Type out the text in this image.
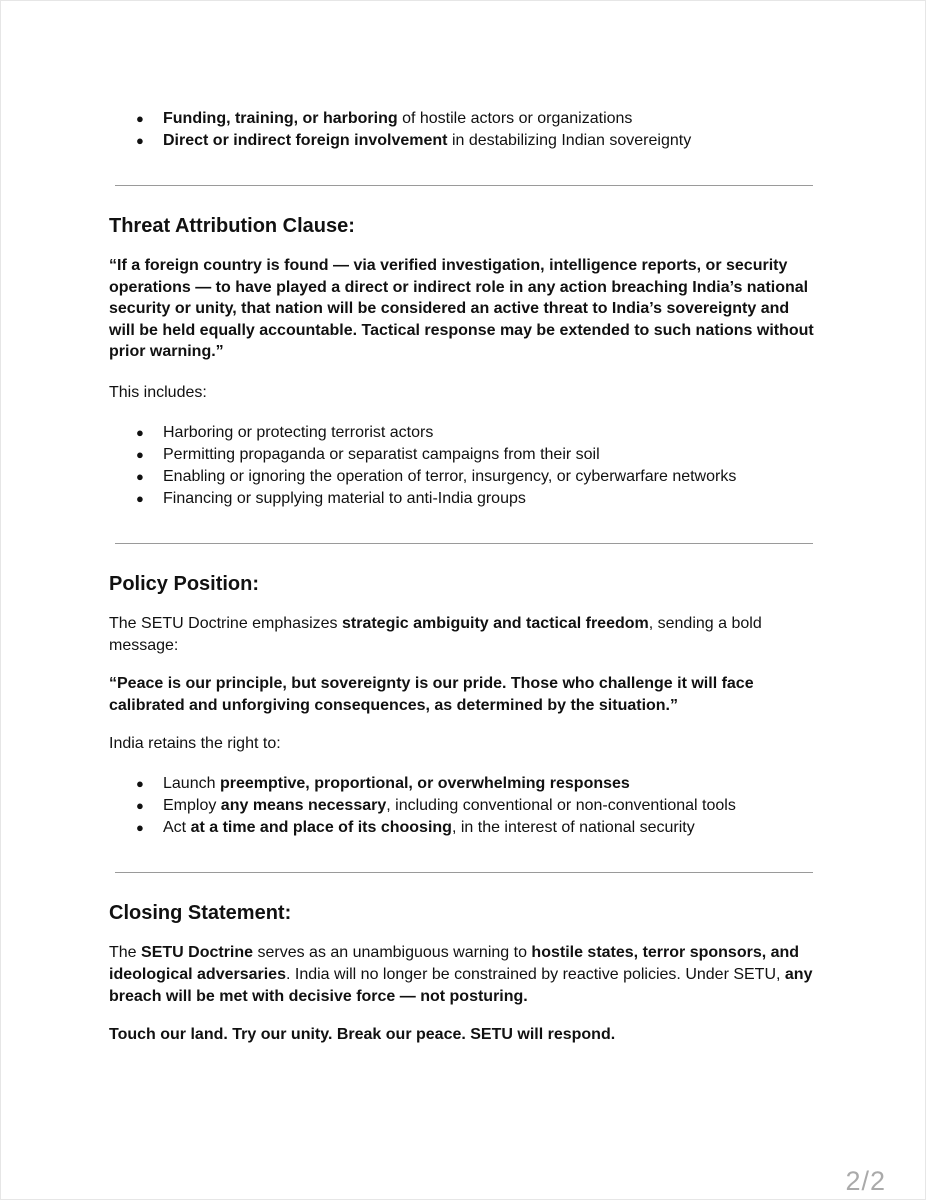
● Funding, training, or harboring of hostile actors or organizations
● Direct or indirect foreign involvement in destabilizing Indian sovereignty
Threat Attribution Clause:

“If a foreign country is found — via verified investigation, intelligence reports, or security operations — to have played a direct or indirect role in any action breaching India’s national security or unity, that nation will be considered an active threat to India’s sovereignty and will be held equally accountable. Tactical response may be extended to such nations without prior warning.”

This includes:

● Harboring or protecting terrorist actors
● Permitting propaganda or separatist campaigns from their soil
● Enabling or ignoring the operation of terror, insurgency, or cyberwarfare networks
● Financing or supplying material to anti-India groups
Policy Position:

The SETU Doctrine emphasizes strategic ambiguity and tactical freedom, sending a bold message:

“Peace is our principle, but sovereignty is our pride. Those who challenge it will face calibrated and unforgiving consequences, as determined by the situation.”

India retains the right to:

● Launch preemptive, proportional, or overwhelming responses
● Employ any means necessary, including conventional or non-conventional tools
● Act at a time and place of its choosing, in the interest of national security
Closing Statement:

The SETU Doctrine serves as an unambiguous warning to hostile states, terror sponsors, and ideological adversaries. India will no longer be constrained by reactive policies. Under SETU, any breach will be met with decisive force — not posturing.

Touch our land. Try our unity. Break our peace. SETU will respond.

2/2
